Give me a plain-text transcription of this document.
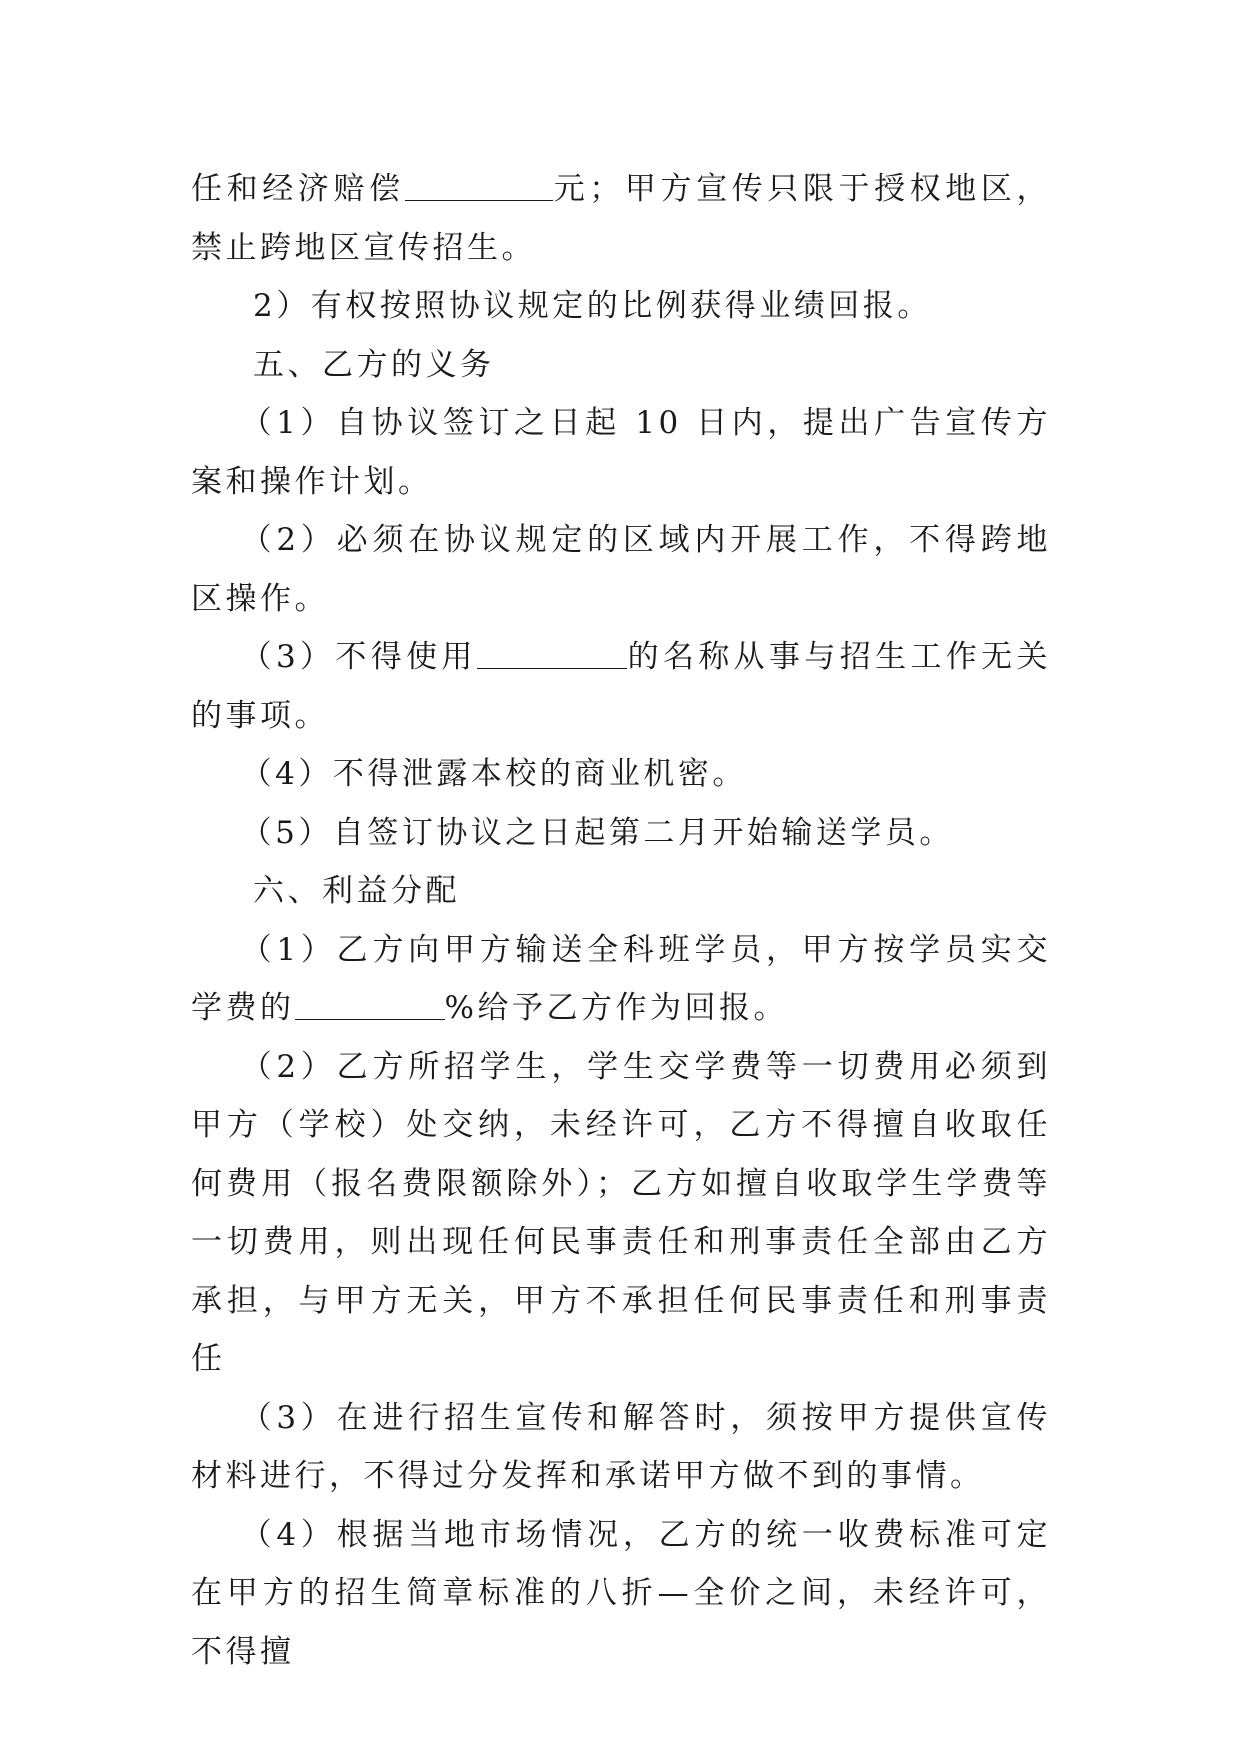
任和经济赔偿	元；甲方宣传只限于授权地区，禁止跨地区宣传招生。

2）有权按照协议规定的比例获得业绩回报。

五、乙方的义务

（1）自协议签订之日起 10 日内，提出广告宣传方案和操作计划。

（2）必须在协议规定的区域内开展工作，不得跨地区操作。

（3）不得使用	的名称从事与招生工作无关的事项。

（4）不得泄露本校的商业机密。

（5）自签订协议之日起第二月开始输送学员。

六、利益分配

（1）乙方向甲方输送全科班学员，甲方按学员实交学费的	%给予乙方作为回报。

（2）乙方所招学生，学生交学费等一切费用必须到甲方（学校）处交纳，未经许可，乙方不得擅自收取任何费用（报名费限额除外）；乙方如擅自收取学生学费等一切费用，则出现任何民事责任和刑事责任全部由乙方承担，与甲方无关，甲方不承担任何民事责任和刑事责任

（3）在进行招生宣传和解答时，须按甲方提供宣传材料进行，不得过分发挥和承诺甲方做不到的事情。

（4）根据当地市场情况，乙方的统一收费标准可定在甲方的招生简章标准的八折—全价之间，未经许可，不得擅
